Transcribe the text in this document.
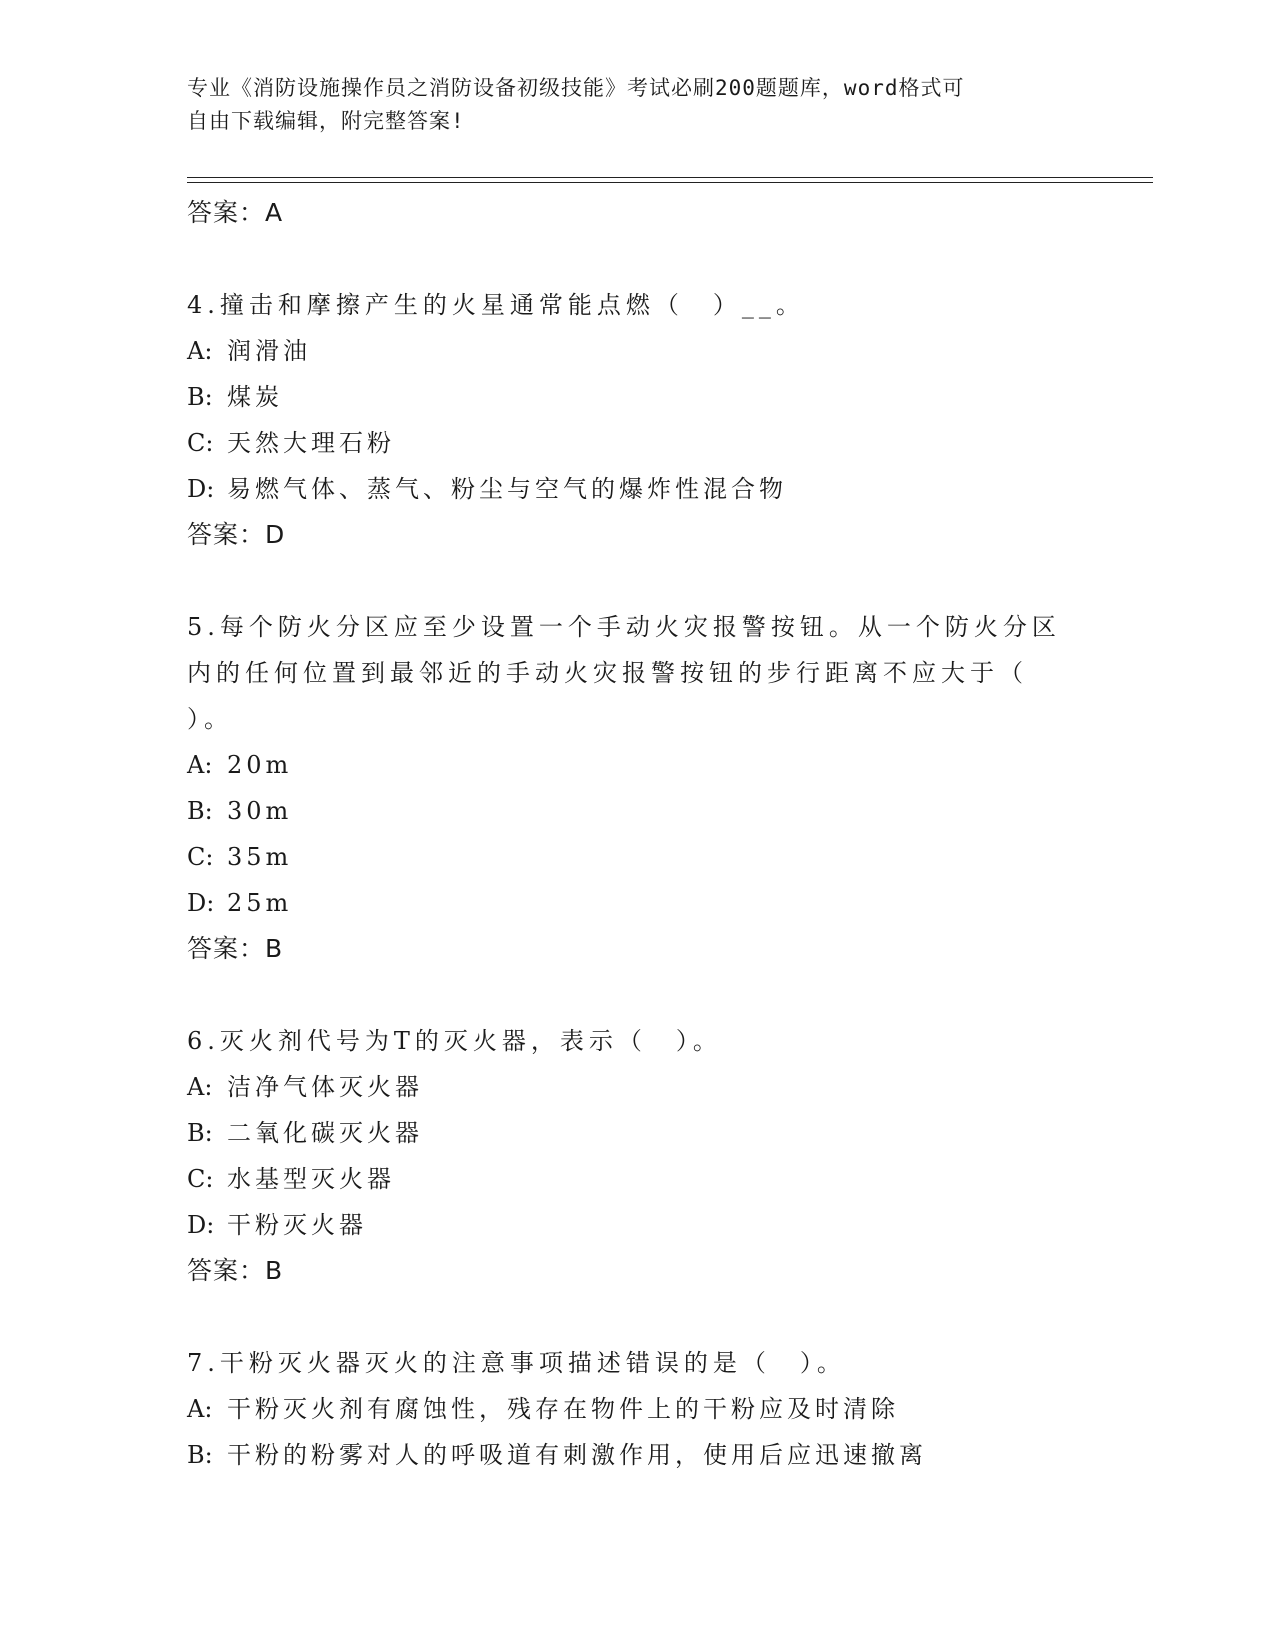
专业《消防设施操作员之消防设备初级技能》考试必刷200题题库，word格式可
自由下载编辑，附完整答案!
答案：A
4.撞击和摩擦产生的火星通常能点燃（　）__。
A: 润滑油
B: 煤炭
C: 天然大理石粉
D: 易燃气体、蒸气、粉尘与空气的爆炸性混合物
答案：D
5.每个防火分区应至少设置一个手动火灾报警按钮。从一个防火分区
内的任何位置到最邻近的手动火灾报警按钮的步行距离不应大于（
）。
A: 20m
B: 30m
C: 35m
D: 25m
答案：B
6.灭火剂代号为T的灭火器，表示（　）。
A: 洁净气体灭火器
B: 二氧化碳灭火器
C: 水基型灭火器
D: 干粉灭火器
答案：B
7.干粉灭火器灭火的注意事项描述错误的是（　）。
A: 干粉灭火剂有腐蚀性，残存在物件上的干粉应及时清除
B: 干粉的粉雾对人的呼吸道有刺激作用，使用后应迅速撤离
